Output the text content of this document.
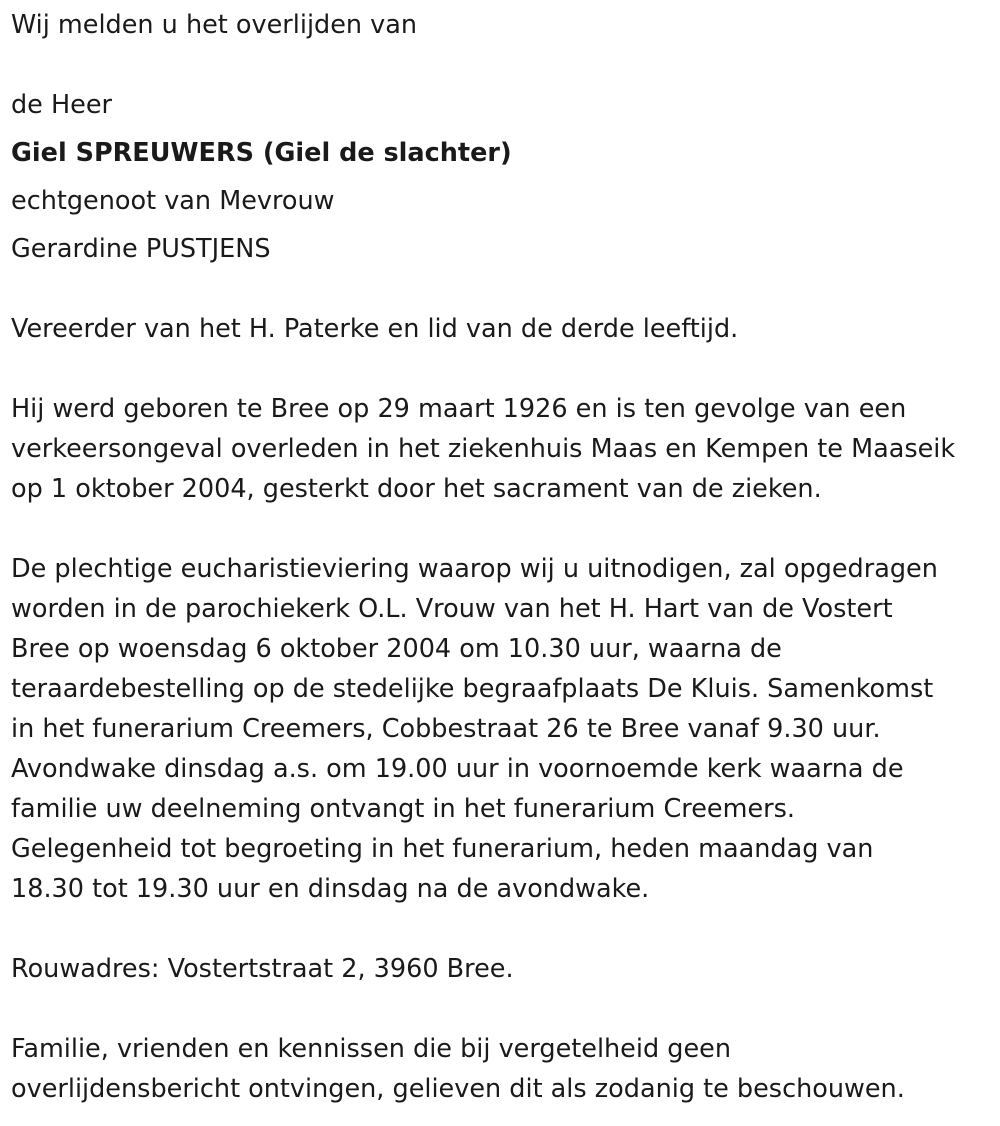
Wij melden u het overlijden van
de Heer
Giel SPREUWERS (Giel de slachter)
echtgenoot van Mevrouw
Gerardine PUSTJENS
Vereerder van het H. Paterke en lid van de derde leeftijd.
Hij werd geboren te Bree op 29 maart 1926 en is ten gevolge van een
verkeersongeval overleden in het ziekenhuis Maas en Kempen te Maaseik
op 1 oktober 2004, gesterkt door het sacrament van de zieken.
De plechtige eucharistieviering waarop wij u uitnodigen, zal opgedragen
worden in de parochiekerk O.L. Vrouw van het H. Hart van de Vostert
Bree op woensdag 6 oktober 2004 om 10.30 uur, waarna de
teraardebestelling op de stedelijke begraafplaats De Kluis. Samenkomst
in het funerarium Creemers, Cobbestraat 26 te Bree vanaf 9.30 uur.
Avondwake dinsdag a.s. om 19.00 uur in voornoemde kerk waarna de
familie uw deelneming ontvangt in het funerarium Creemers.
Gelegenheid tot begroeting in het funerarium, heden maandag van
18.30 tot 19.30 uur en dinsdag na de avondwake.
Rouwadres: Vostertstraat 2, 3960 Bree.
Familie, vrienden en kennissen die bij vergetelheid geen
overlijdensbericht ontvingen, gelieven dit als zodanig te beschouwen.
